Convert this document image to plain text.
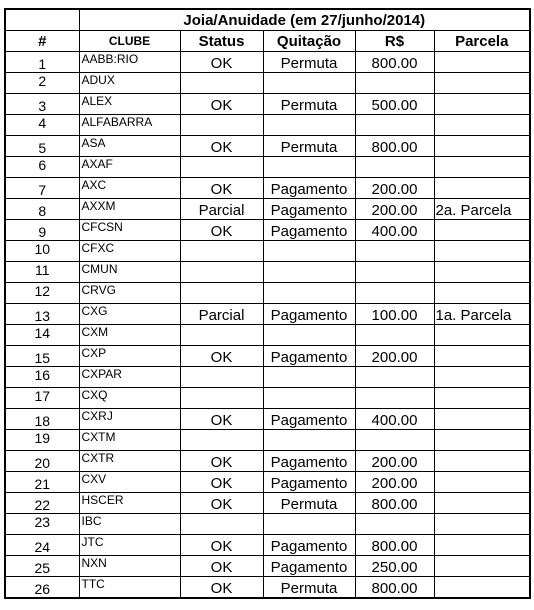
	Joia/Anuidade (em 27/junho/2014)				
#	CLUBE	Status	Quitação	R$	Parcela
1	AABB:RIO	OK	Permuta	800.00	
2	ADUX				
3	ALEX	OK	Permuta	500.00	
4	ALFABARRA				
5	ASA	OK	Permuta	800.00	
6	AXAF				
7	AXC	OK	Pagamento	200.00	
8	AXXM	Parcial	Pagamento	200.00	2a. Parcela
9	CFCSN	OK	Pagamento	400.00	
10	CFXC				
11	CMUN				
12	CRVG				
13	CXG	Parcial	Pagamento	100.00	1a. Parcela
14	CXM				
15	CXP	OK	Pagamento	200.00	
16	CXPAR				
17	CXQ				
18	CXRJ	OK	Pagamento	400.00	
19	CXTM				
20	CXTR	OK	Pagamento	200.00	
21	CXV	OK	Pagamento	200.00	
22	HSCER	OK	Permuta	800.00	
23	IBC				
24	JTC	OK	Pagamento	800.00	
25	NXN	OK	Pagamento	250.00	
26	TTC	OK	Permuta	800.00	
